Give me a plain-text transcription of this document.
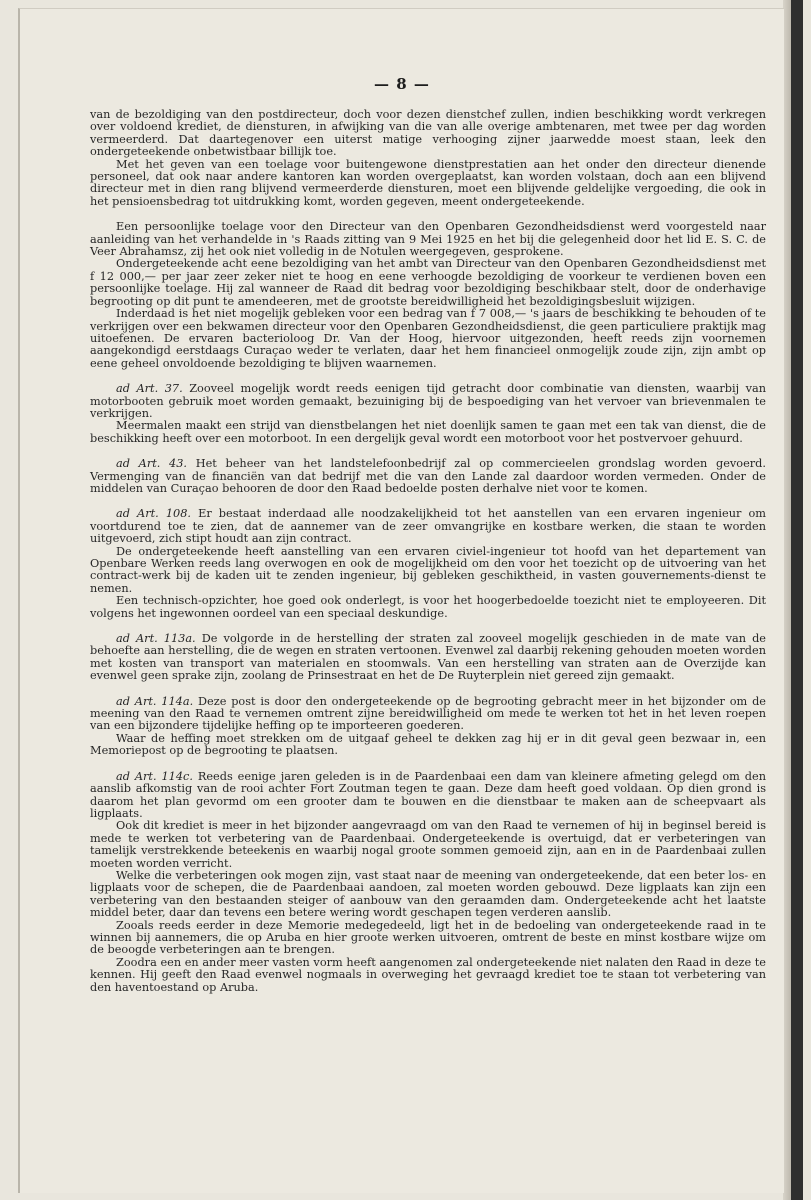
— 8 —

van de bezoldiging van den postdirecteur, doch voor dezen dienstchef zullen, indien beschikking wordt verkregen over voldoend krediet, de diensturen, in afwijking van die van alle overige ambtenaren, met twee per dag worden vermeerderd. Dat daartegenover een uiterst matige verhooging zijner jaarwedde moest staan, leek den ondergeteekende onbetwistbaar billijk toe.

Met het geven van een toelage voor buitengewone dienstprestatien aan het onder den directeur dienende personeel, dat ook naar andere kantoren kan worden overgeplaatst, kan worden volstaan, doch aan een blijvend directeur met in dien rang blijvend vermeerderde diensturen, moet een blijvende geldelijke vergoeding, die ook in het pensioensbedrag tot uitdrukking komt, worden gegeven, meent ondergeteekende.

Een persoonlijke toelage voor den Directeur van den Openbaren Gezondheidsdienst werd voorgesteld naar aanleiding van het verhandelde in 's Raads zitting van 9 Mei 1925 en het bij die gelegenheid door het lid E. S. C. de Veer Abrahamsz, zij het ook niet volledig in de Notulen weergegeven, gesprokene.

Ondergeteekende acht eene bezoldiging van het ambt van Directeur van den Openbaren Gezondheidsdienst met f 12 000,— per jaar zeer zeker niet te hoog en eene verhoogde bezoldiging de voorkeur te verdienen boven een persoonlijke toelage. Hij zal wanneer de Raad dit bedrag voor bezoldiging beschikbaar stelt, door de onderhavige begrooting op dit punt te amendeeren, met de grootste bereidwilligheid het bezoldigingsbesluit wijzigen.

Inderdaad is het niet mogelijk gebleken voor een bedrag van f 7 008,— 's jaars de beschikking te behouden of te verkrijgen over een bekwamen directeur voor den Openbaren Gezondheidsdienst, die geen particuliere praktijk mag uitoefenen. De ervaren bacterioloog Dr. Van der Hoog, hiervoor uitgezonden, heeft reeds zijn voornemen aangekondigd eerstdaags Curaçao weder te verlaten, daar het hem financieel onmogelijk zoude zijn, zijn ambt op eene geheel onvoldoende bezoldiging te blijven waarnemen.

ad Art. 37. Zooveel mogelijk wordt reeds eenigen tijd getracht door combinatie van diensten, waarbij van motorbooten gebruik moet worden gemaakt, bezuiniging bij de bespoediging van het vervoer van brievenmalen te verkrijgen.

Meermalen maakt een strijd van dienstbelangen het niet doenlijk samen te gaan met een tak van dienst, die de beschikking heeft over een motorboot. In een dergelijk geval wordt een motorboot voor het postvervoer gehuurd.

ad Art. 43. Het beheer van het landstelefoonbedrijf zal op commercieelen grondslag worden gevoerd. Vermenging van de financiën van dat bedrijf met die van den Lande zal daardoor worden vermeden. Onder de middelen van Curaçao behooren de door den Raad bedoelde posten derhalve niet voor te komen.

ad Art. 108. Er bestaat inderdaad alle noodzakelijkheid tot het aanstellen van een ervaren ingenieur om voortdurend toe te zien, dat de aannemer van de zeer omvangrijke en kostbare werken, die staan te worden uitgevoerd, zich stipt houdt aan zijn contract.

De ondergeteekende heeft aanstelling van een ervaren civiel-ingenieur tot hoofd van het departement van Openbare Werken reeds lang overwogen en ook de mogelijkheid om den voor het toezicht op de uitvoering van het contract-werk bij de kaden uit te zenden ingenieur, bij gebleken geschiktheid, in vasten gouvernements-dienst te nemen.

Een technisch-opzichter, hoe goed ook onderlegt, is voor het hoogerbedoelde toezicht niet te employeeren. Dit volgens het ingewonnen oordeel van een speciaal deskundige.

ad Art. 113a. De volgorde in de herstelling der straten zal zooveel mogelijk geschieden in de mate van de behoefte aan herstelling, die de wegen en straten vertoonen. Evenwel zal daarbij rekening gehouden moeten worden met kosten van transport van materialen en stoomwals. Van een herstelling van straten aan de Overzijde kan evenwel geen sprake zijn, zoolang de Prinsestraat en het de De Ruyterplein niet gereed zijn gemaakt.

ad Art. 114a. Deze post is door den ondergeteekende op de begrooting gebracht meer in het bijzonder om de meening van den Raad te vernemen omtrent zijne bereidwilligheid om mede te werken tot het in het leven roepen van een bijzondere tijdelijke heffing op te importeeren goederen.

Waar de heffing moet strekken om de uitgaaf geheel te dekken zag hij er in dit geval geen bezwaar in, een Memoriepost op de begrooting te plaatsen.

ad Art. 114c. Reeds eenige jaren geleden is in de Paardenbaai een dam van kleinere afmeting gelegd om den aanslib afkomstig van de rooi achter Fort Zoutman tegen te gaan. Deze dam heeft goed voldaan. Op dien grond is daarom het plan gevormd om een grooter dam te bouwen en die dienstbaar te maken aan de scheepvaart als ligplaats.

Ook dit krediet is meer in het bijzonder aangevraagd om van den Raad te vernemen of hij in beginsel bereid is mede te werken tot verbetering van de Paardenbaai. Ondergeteekende is overtuigd, dat er verbeteringen van tamelijk verstrekkende beteekenis en waarbij nogal groote sommen gemoeid zijn, aan en in de Paardenbaai zullen moeten worden verricht.

Welke die verbeteringen ook mogen zijn, vast staat naar de meening van ondergeteekende, dat een beter los- en ligplaats voor de schepen, die de Paardenbaai aandoen, zal moeten worden gebouwd. Deze ligplaats kan zijn een verbetering van den bestaanden steiger of aanbouw van den geraamden dam. Ondergeteekende acht het laatste middel beter, daar dan tevens een betere wering wordt geschapen tegen verderen aanslib.

Zooals reeds eerder in deze Memorie medegedeeld, ligt het in de bedoeling van ondergeteekende raad in te winnen bij aannemers, die op Aruba en hier groote werken uitvoeren, omtrent de beste en minst kostbare wijze om de beoogde verbeteringen aan te brengen.

Zoodra een en ander meer vasten vorm heeft aangenomen zal ondergeteekende niet nalaten den Raad in deze te kennen. Hij geeft den Raad evenwel nogmaals in overweging het gevraagd krediet toe te staan tot verbetering van den haventoestand op Aruba.
